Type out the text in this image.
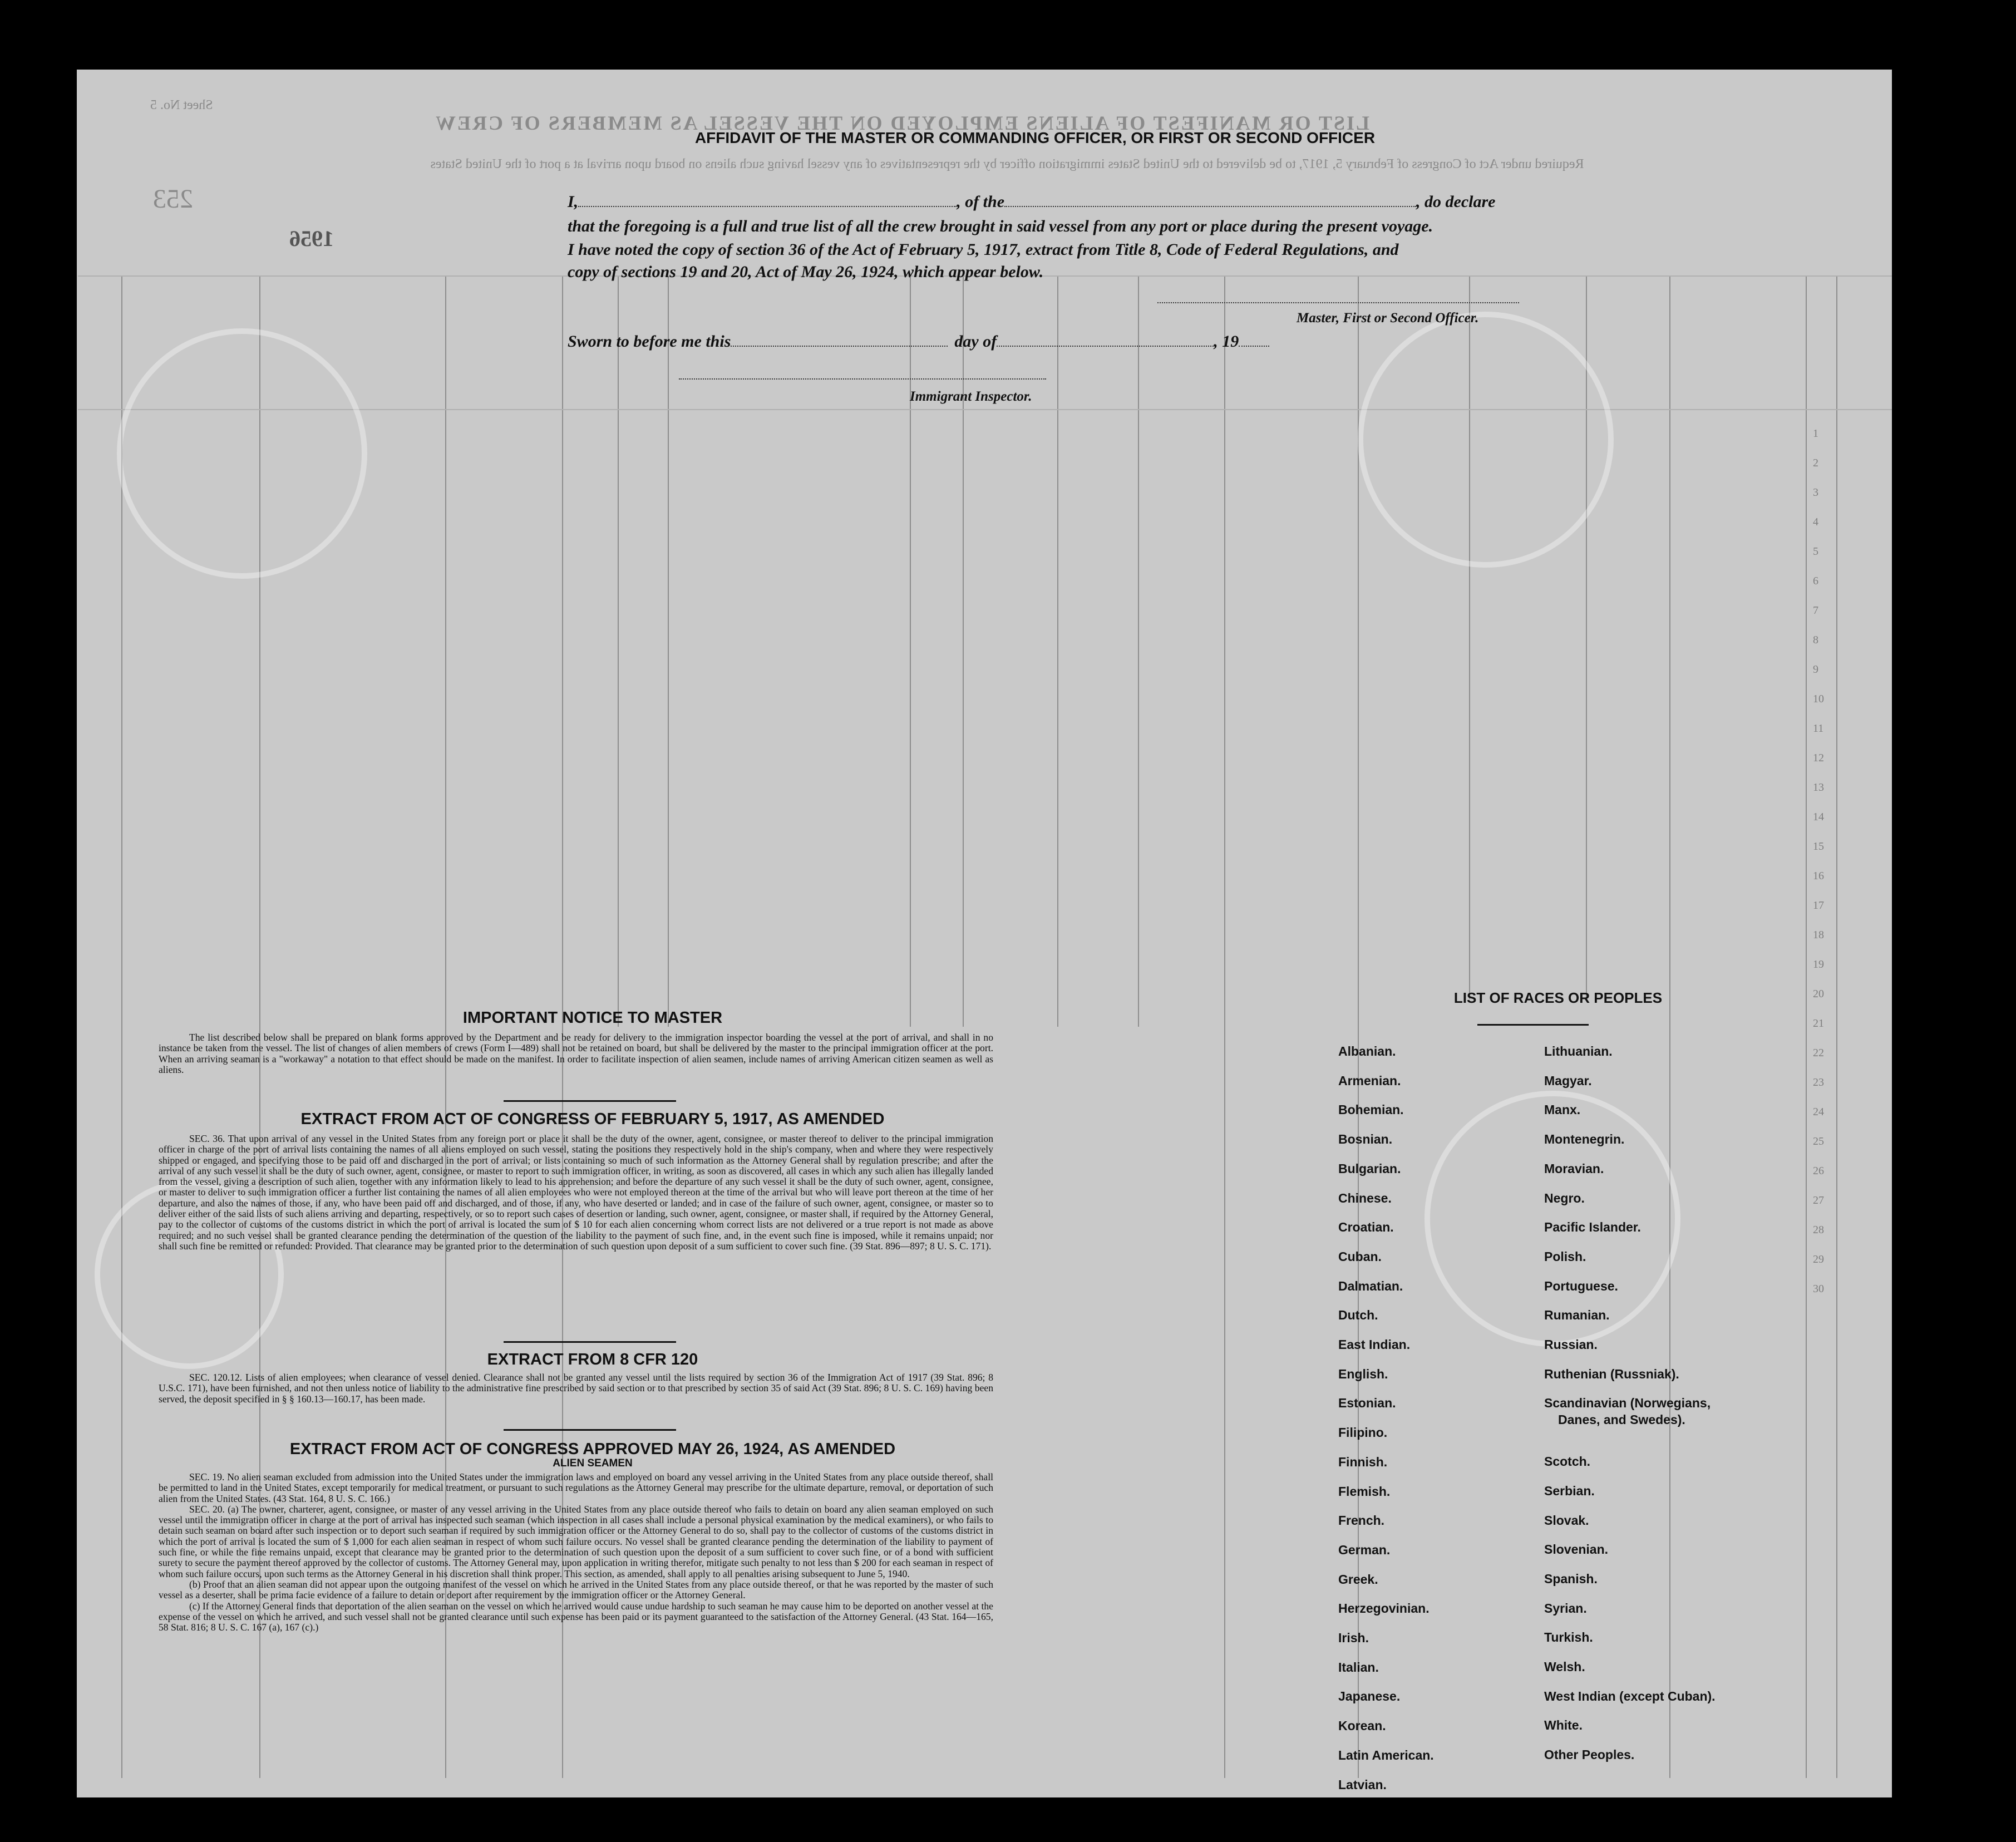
LIST OR MANIFEST OF ALIENS EMPLOYED ON THE VESSEL AS MEMBERS OF CREW
Required under Act of Congress of February 5, 1917, to be delivered to the United States immigration officer by the representatives of any vessel having such aliens on board upon arrival at a port of the United States
Sheet No. 5
253
1956
1
2
3
4
5
6
7
8
9
10
11
12
13
14
15
16
17
18
19
20
21
22
23
24
25
26
27
28
29
30
AFFIDAVIT OF THE MASTER OR COMMANDING OFFICER, OR FIRST OR SECOND OFFICER
I,	, of the	, do declare
that the foregoing is a full and true list of all the crew brought in said vessel from any port or place during the present voyage.
I have noted the copy of section 36 of the Act of February 5, 1917, extract from Title 8, Code of Federal Regulations, and
copy of sections 19 and 20, Act of May 26, 1924, which appear below.
Master, First or Second Officer.
Sworn to before me this	day of	, 19
Immigrant Inspector.
IMPORTANT NOTICE TO MASTER

The list described below shall be prepared on blank forms approved by the Department and be ready for delivery to the immigration inspector boarding the vessel at the port of arrival, and shall in no instance be taken from the vessel. The list of changes of alien members of crews (Form I—489) shall not be retained on board, but shall be delivered by the master to the principal immigration officer at the port. When an arriving seaman is a "workaway" a notation to that effect should be made on the manifest. In order to facilitate inspection of alien seamen, include names of arriving American citizen seamen as well as aliens.

EXTRACT FROM ACT OF CONGRESS OF FEBRUARY 5, 1917, AS AMENDED

SEC. 36. That upon arrival of any vessel in the United States from any foreign port or place it shall be the duty of the owner, agent, consignee, or master thereof to deliver to the principal immigration officer in charge of the port of arrival lists containing the names of all aliens employed on such vessel, stating the positions they respectively hold in the ship's company, when and where they were respectively shipped or engaged, and specifying those to be paid off and discharged in the port of arrival; or lists containing so much of such information as the Attorney General shall by regulation prescribe; and after the arrival of any such vessel it shall be the duty of such owner, agent, consignee, or master to report to such immigration officer, in writing, as soon as discovered, all cases in which any such alien has illegally landed from the vessel, giving a description of such alien, together with any information likely to lead to his apprehension; and before the departure of any such vessel it shall be the duty of such owner, agent, consignee, or master to deliver to such immigration officer a further list containing the names of all alien employees who were not employed thereon at the time of the arrival but who will leave port thereon at the time of her departure, and also the names of those, if any, who have been paid off and discharged, and of those, if any, who have deserted or landed; and in case of the failure of such owner, agent, consignee, or master so to deliver either of the said lists of such aliens arriving and departing, respectively, or so to report such cases of desertion or landing, such owner, agent, consignee, or master shall, if required by the Attorney General, pay to the collector of customs of the customs district in which the port of arrival is located the sum of $ 10 for each alien concerning whom correct lists are not delivered or a true report is not made as above required; and no such vessel shall be granted clearance pending the determination of the question of the liability to the payment of such fine, and, in the event such fine is imposed, while it remains unpaid; nor shall such fine be remitted or refunded: Provided. That clearance may be granted prior to the determination of such question upon deposit of a sum sufficient to cover such fine. (39 Stat. 896—897; 8 U. S. C. 171).

EXTRACT FROM 8 CFR 120

SEC. 120.12. Lists of alien employees; when clearance of vessel denied. Clearance shall not be granted any vessel until the lists required by section 36 of the Immigration Act of 1917 (39 Stat. 896; 8 U.S.C. 171), have been furnished, and not then unless notice of liability to the administrative fine prescribed by said section or to that prescribed by section 35 of said Act (39 Stat. 896; 8 U. S. C. 169) having been served, the deposit specified in § § 160.13—160.17, has been made.

EXTRACT FROM ACT OF CONGRESS APPROVED MAY 26, 1924, AS AMENDED
ALIEN SEAMEN

SEC. 19. No alien seaman excluded from admission into the United States under the immigration laws and employed on board any vessel arriving in the United States from any place outside thereof, shall be permitted to land in the United States, except temporarily for medical treatment, or pursuant to such regulations as the Attorney General may prescribe for the ultimate departure, removal, or deportation of such alien from the United States. (43 Stat. 164, 8 U. S. C. 166.)

SEC. 20. (a) The owner, charterer, agent, consignee, or master of any vessel arriving in the United States from any place outside thereof who fails to detain on board any alien seaman employed on such vessel until the immigration officer in charge at the port of arrival has inspected such seaman (which inspection in all cases shall include a personal physical examination by the medical examiners), or who fails to detain such seaman on board after such inspection or to deport such seaman if required by such immigration officer or the Attorney General to do so, shall pay to the collector of customs of the customs district in which the port of arrival is located the sum of $ 1,000 for each alien seaman in respect of whom such failure occurs. No vessel shall be granted clearance pending the determination of the liability to payment of such fine, or while the fine remains unpaid, except that clearance may be granted prior to the determination of such question upon the deposit of a sum sufficient to cover such fine, or of a bond with sufficient surety to secure the payment thereof approved by the collector of customs. The Attorney General may, upon application in writing therefor, mitigate such penalty to not less than $ 200 for each seaman in respect of whom such failure occurs, upon such terms as the Attorney General in his discretion shall think proper. This section, as amended, shall apply to all penalties arising subsequent to June 5, 1940.

(b) Proof that an alien seaman did not appear upon the outgoing manifest of the vessel on which he arrived in the United States from any place outside thereof, or that he was reported by the master of such vessel as a deserter, shall be prima facie evidence of a failure to detain or deport after requirement by the immigration officer or the Attorney General.

(c) If the Attorney General finds that deportation of the alien seaman on the vessel on which he arrived would cause undue hardship to such seaman he may cause him to be deported on another vessel at the expense of the vessel on which he arrived, and such vessel shall not be granted clearance until such expense has been paid or its payment guaranteed to the satisfaction of the Attorney General. (43 Stat. 164—165, 58 Stat. 816; 8 U. S. C. 167 (a), 167 (c).)

LIST OF RACES OR PEOPLES
Albanian.
Armenian.
Bohemian.
Bosnian.
Bulgarian.
Chinese.
Croatian.
Cuban.
Dalmatian.
Dutch.
East Indian.
English.
Estonian.
Filipino.
Finnish.
Flemish.
French.
German.
Greek.
Herzegovinian.
Irish.
Italian.
Japanese.
Korean.
Latin American.
Latvian.
Lithuanian.
Magyar.
Manx.
Montenegrin.
Moravian.
Negro.
Pacific Islander.
Polish.
Portuguese.
Rumanian.
Russian.
Ruthenian (Russniak).
Scandinavian (Norwegians,
Danes, and Swedes).
Scotch.
Serbian.
Slovak.
Slovenian.
Spanish.
Syrian.
Turkish.
Welsh.
West Indian (except Cuban).
White.
Other Peoples.
